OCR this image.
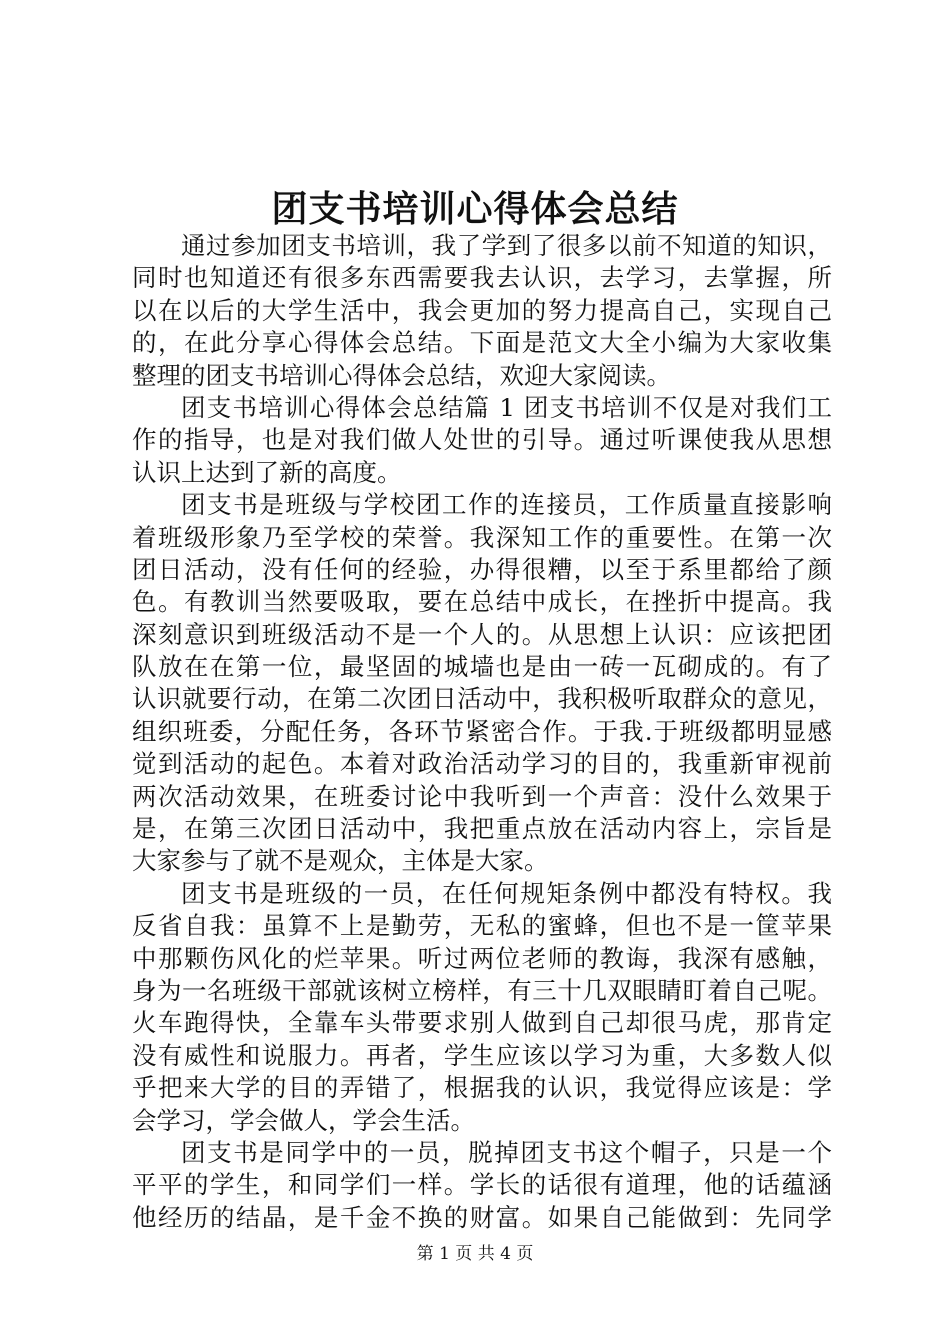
团支书培训心得体会总结
通过参加团支书培训，我了学到了很多以前不知道的知识，
同时也知道还有很多东西需要我去认识，去学习，去掌握，所
以在以后的大学生活中，我会更加的努力提高自己，实现自己
的，在此分享心得体会总结。下面是范文大全小编为大家收集
整理的团支书培训心得体会总结，欢迎大家阅读。
团支书培训心得体会总结篇 1 团支书培训不仅是对我们工
作的指导，也是对我们做人处世的引导。通过听课使我从思想
认识上达到了新的高度。
团支书是班级与学校团工作的连接员，工作质量直接影响
着班级形象乃至学校的荣誉。我深知工作的重要性。在第一次
团日活动，没有任何的经验，办得很糟，以至于系里都给了颜
色。有教训当然要吸取，要在总结中成长，在挫折中提高。我
深刻意识到班级活动不是一个人的。从思想上认识：应该把团
队放在在第一位，最坚固的城墙也是由一砖一瓦砌成的。有了
认识就要行动，在第二次团日活动中，我积极听取群众的意见，
组织班委，分配任务，各环节紧密合作。于我.于班级都明显感
觉到活动的起色。本着对政治活动学习的目的，我重新审视前
两次活动效果，在班委讨论中我听到一个声音：没什么效果于
是，在第三次团日活动中，我把重点放在活动内容上，宗旨是
大家参与了就不是观众，主体是大家。
团支书是班级的一员，在任何规矩条例中都没有特权。我
反省自我：虽算不上是勤劳，无私的蜜蜂，但也不是一筐苹果
中那颗伤风化的烂苹果。听过两位老师的教诲，我深有感触，
身为一名班级干部就该树立榜样，有三十几双眼睛盯着自己呢。
火车跑得快，全靠车头带要求别人做到自己却很马虎，那肯定
没有威性和说服力。再者，学生应该以学习为重，大多数人似
乎把来大学的目的弄错了，根据我的认识，我觉得应该是：学
会学习，学会做人，学会生活。
团支书是同学中的一员，脱掉团支书这个帽子，只是一个
平平的学生，和同学们一样。学长的话很有道理，他的话蕴涵
他经历的结晶，是千金不换的财富。如果自己能做到：先同学
第 1 页 共 4 页
